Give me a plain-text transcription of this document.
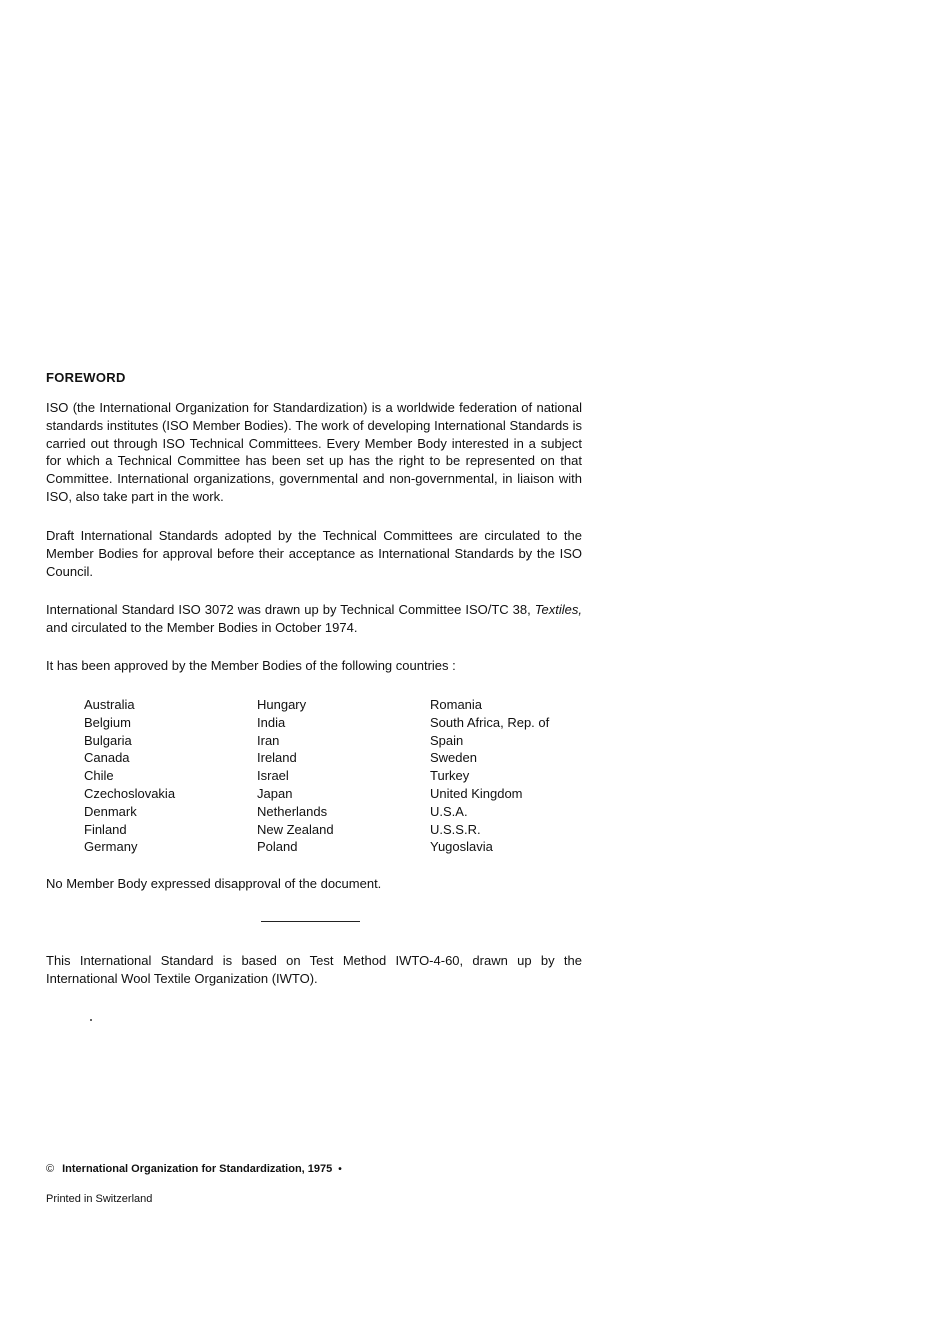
FOREWORD

ISO (the International Organization for Standardization) is a worldwide federation of national standards institutes (ISO Member Bodies). The work of developing International Standards is carried out through ISO Technical Committees. Every Member Body interested in a subject for which a Technical Committee has been set up has the right to be represented on that Committee. International organizations, governmental and non-governmental, in liaison with ISO, also take part in the work.

Draft International Standards adopted by the Technical Committees are circulated to the Member Bodies for approval before their acceptance as International Standards by the ISO Council.

International Standard ISO 3072 was drawn up by Technical Committee ISO/TC 38, Textiles, and circulated to the Member Bodies in October 1974.

It has been approved by the Member Bodies of the following countries :

Australia
Belgium
Bulgaria
Canada
Chile
Czechoslovakia
Denmark
Finland
Germany
Hungary
India
Iran
Ireland
Israel
Japan
Netherlands
New Zealand
Poland
Romania
South Africa, Rep. of
Spain
Sweden
Turkey
United Kingdom
U.S.A.
U.S.S.R.
Yugoslavia

No Member Body expressed disapproval of the document.

This International Standard is based on Test Method IWTO-4-60, drawn up by the International Wool Textile Organization (IWTO).

© International Organization for Standardization, 1975 •
Printed in Switzerland
